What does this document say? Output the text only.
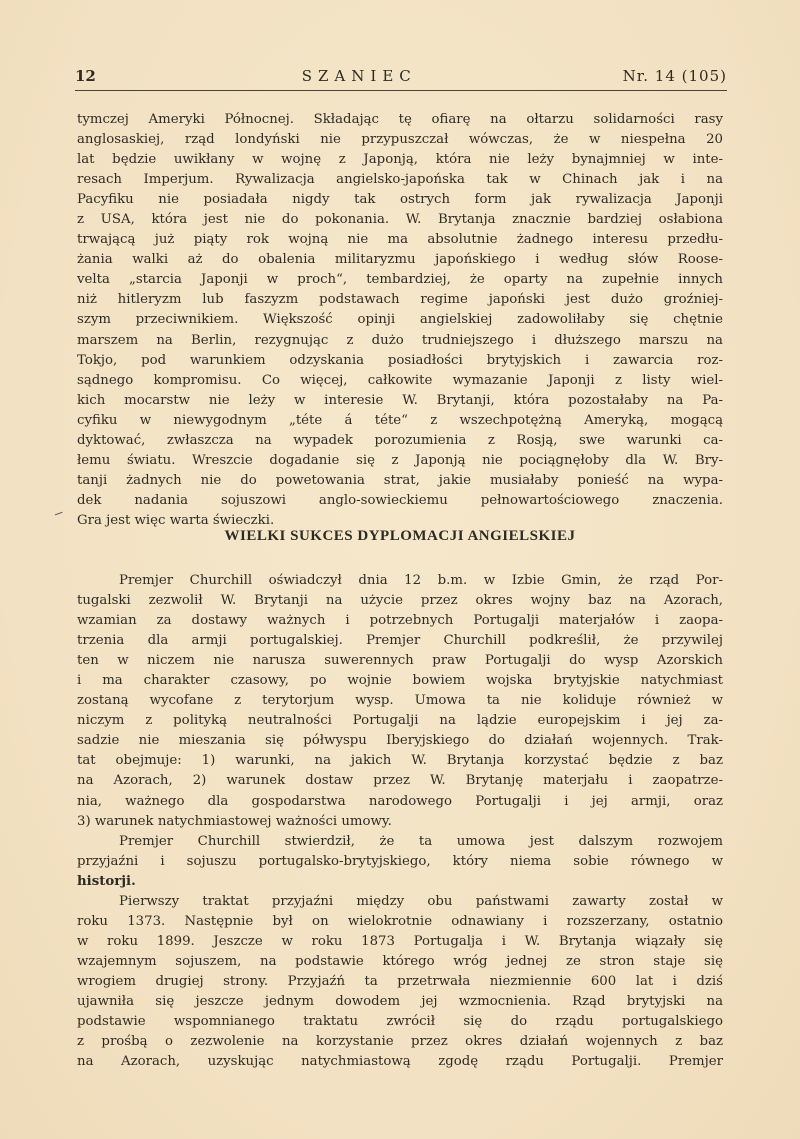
12	SZANIEC	Nr. 14 (105)
tymczej Ameryki Północnej. Składając tę ofiarę na ołtarzu solidarności rasy
anglosaskiej, rząd londyński nie przypuszczał wówczas, że w niespełna 20
lat będzie uwikłany w wojnę z Japonją, która nie leży bynajmniej w inte-
resach Imperjum. Rywalizacja angielsko-japońska tak w Chinach jak i na
Pacyfiku nie posiadała nigdy tak ostrych form jak rywalizacja Japonji
z USA, która jest nie do pokonania. W. Brytanja znacznie bardziej osłabiona
trwającą już piąty rok wojną nie ma absolutnie żadnego interesu przedłu-
żania walki aż do obalenia militaryzmu japońskiego i według słów Roose-
velta „starcia Japonji w proch“, tembardziej, że oparty na zupełnie innych
niż hitleryzm lub faszyzm podstawach regime japoński jest dużo groźniej-
szym przeciwnikiem. Większość opinji angielskiej zadowoliłaby się chętnie
marszem na Berlin, rezygnując z dużo trudniejszego i dłuższego marszu na
Tokjo, pod warunkiem odzyskania posiadłości brytyjskich i zawarcia roz-
sądnego kompromisu. Co więcej, całkowite wymazanie Japonji z listy wiel-
kich mocarstw nie leży w interesie W. Brytanji, która pozostałaby na Pa-
cyfiku w niewygodnym „téte á téte“ z wszechpotężną Ameryką, mogącą
dyktować, zwłaszcza na wypadek porozumienia z Rosją, swe warunki ca-
łemu światu. Wreszcie dogadanie się z Japonją nie pociągnęłoby dla W. Bry-
tanji żadnych nie do powetowania strat, jakie musiałaby ponieść na wypa-
dek nadania sojuszowi anglo-sowieckiemu pełnowartościowego znaczenia.
Gra jest więc warta świeczki.
WIELKI SUKCES DYPLOMACJI ANGIELSKIEJ
Premjer Churchill oświadczył dnia 12 b.m. w Izbie Gmin, że rząd Por-
tugalski zezwolił W. Brytanji na użycie przez okres wojny baz na Azorach,
wzamian za dostawy ważnych i potrzebnych Portugalji materjałów i zaopa-
trzenia dla armji portugalskiej. Premjer Churchill podkreślił, że przywilej
ten w niczem nie narusza suwerennych praw Portugalji do wysp Azorskich
i ma charakter czasowy, po wojnie bowiem wojska brytyjskie natychmiast
zostaną wycofane z terytorjum wysp. Umowa ta nie koliduje również w
niczym z polityką neutralności Portugalji na lądzie europejskim i jej za-
sadzie nie mieszania się półwyspu Iberyjskiego do działań wojennych. Trak-
tat obejmuje: 1) warunki, na jakich W. Brytanja korzystać będzie z baz
na Azorach, 2) warunek dostaw przez W. Brytanję materjału i zaopatrze-
nia, ważnego dla gospodarstwa narodowego Portugalji i jej armji, oraz
3) warunek natychmiastowej ważności umowy.
Premjer Churchill stwierdził, że ta umowa jest dalszym rozwojem
przyjaźni i sojuszu portugalsko-brytyjskiego, który niema sobie równego w
historji.
Pierwszy traktat przyjaźni między obu państwami zawarty został w
roku 1373. Następnie był on wielokrotnie odnawiany i rozszerzany, ostatnio
w roku 1899. Jeszcze w roku 1873 Portugalja i W. Brytanja wiązały się
wzajemnym sojuszem, na podstawie którego wróg jednej ze stron staje się
wrogiem drugiej strony. Przyjaźń ta przetrwała niezmiennie 600 lat i dziś
ujawniła się jeszcze jednym dowodem jej wzmocnienia. Rząd brytyjski na
podstawie wspomnianego traktatu zwrócił się do rządu portugalskiego
z prośbą o zezwolenie na korzystanie przez okres działań wojennych z baz
na Azorach, uzyskując natychmiastową zgodę rządu Portugalji. Premjer
